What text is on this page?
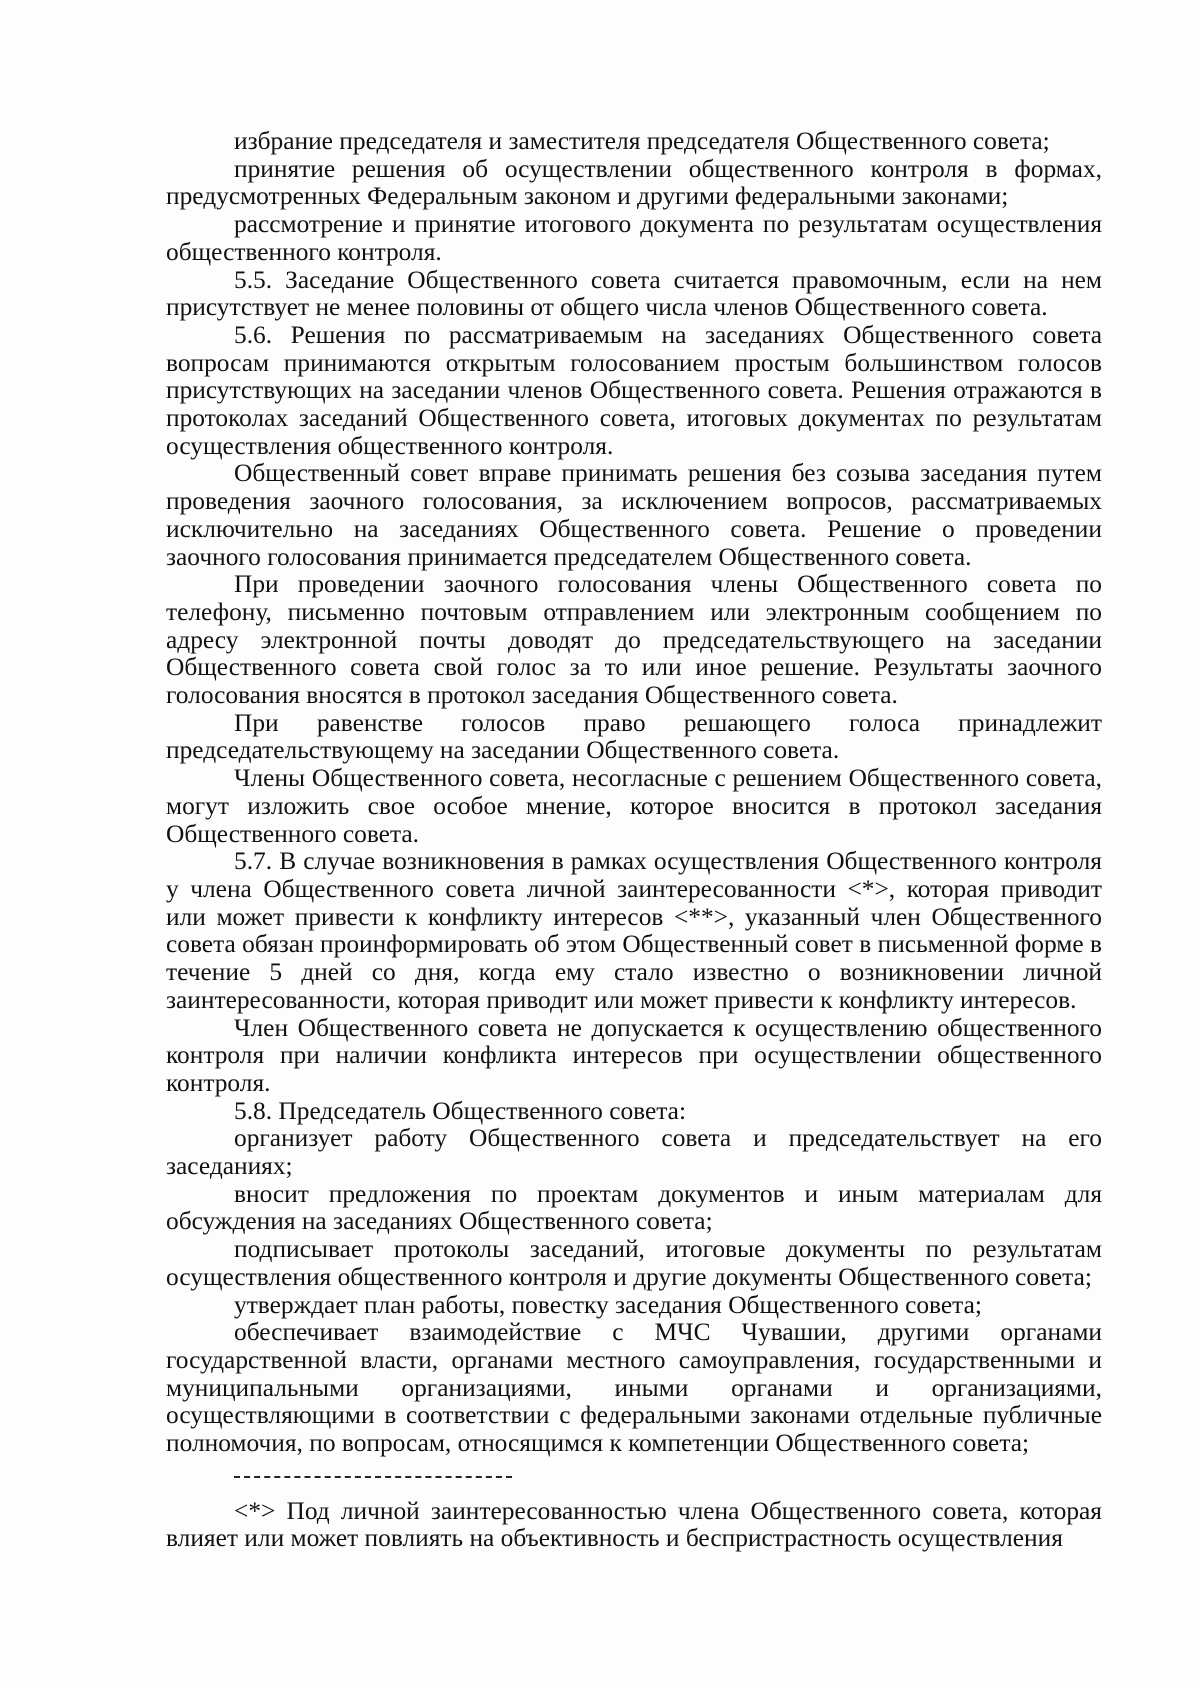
избрание председателя и заместителя председателя Общественного совета;

принятие решения об осуществлении общественного контроля в формах, предусмотренных Федеральным законом и другими федеральными законами;

рассмотрение и принятие итогового документа по результатам осуществления общественного контроля.

5.5. Заседание Общественного совета считается правомочным, если на нем присутствует не менее половины от общего числа членов Общественного совета.

5.6. Решения по рассматриваемым на заседаниях Общественного совета вопросам принимаются открытым голосованием простым большинством голосов присутствующих на заседании членов Общественного совета. Решения отражаются в протоколах заседаний Общественного совета, итоговых документах по результатам осуществления общественного контроля.

Общественный совет вправе принимать решения без созыва заседания путем проведения заочного голосования, за исключением вопросов, рассматриваемых исключительно на заседаниях Общественного совета. Решение о проведении заочного голосования принимается председателем Общественного совета.

При проведении заочного голосования члены Общественного совета по телефону, письменно почтовым отправлением или электронным сообщением по адресу электронной почты доводят до председательствующего на заседании Общественного совета свой голос за то или иное решение. Результаты заочного голосования вносятся в протокол заседания Общественного совета.

При равенстве голосов право решающего голоса принадлежит председательствующему на заседании Общественного совета.

Члены Общественного совета, несогласные с решением Общественного совета, могут изложить свое особое мнение, которое вносится в протокол заседания Общественного совета.

5.7. В случае возникновения в рамках осуществления Общественного контроля у члена Общественного совета личной заинтересованности <*>, которая приводит или может привести к конфликту интересов <**>, указанный член Общественного совета обязан проинформировать об этом Общественный совет в письменной форме в течение 5 дней со дня, когда ему стало известно о возникновении личной заинтересованности, которая приводит или может привести к конфликту интересов.

Член Общественного совета не допускается к осуществлению общественного контроля при наличии конфликта интересов при осуществлении общественного контроля.

5.8. Председатель Общественного совета:

организует работу Общественного совета и председательствует на его заседаниях;

вносит предложения по проектам документов и иным материалам для обсуждения на заседаниях Общественного совета;

подписывает протоколы заседаний, итоговые документы по результатам осуществления общественного контроля и другие документы Общественного совета;

утверждает план работы, повестку заседания Общественного совета;

обеспечивает взаимодействие с МЧС Чувашии, другими органами государственной власти, органами местного самоуправления, государственными и муниципальными организациями, иными органами и организациями, осуществляющими в соответствии с федеральными законами отдельные публичные полномочия, по вопросам, относящимся к компетенции Общественного совета;

<*> Под личной заинтересованностью члена Общественного совета, которая влияет или может повлиять на объективность и беспристрастность осуществления
